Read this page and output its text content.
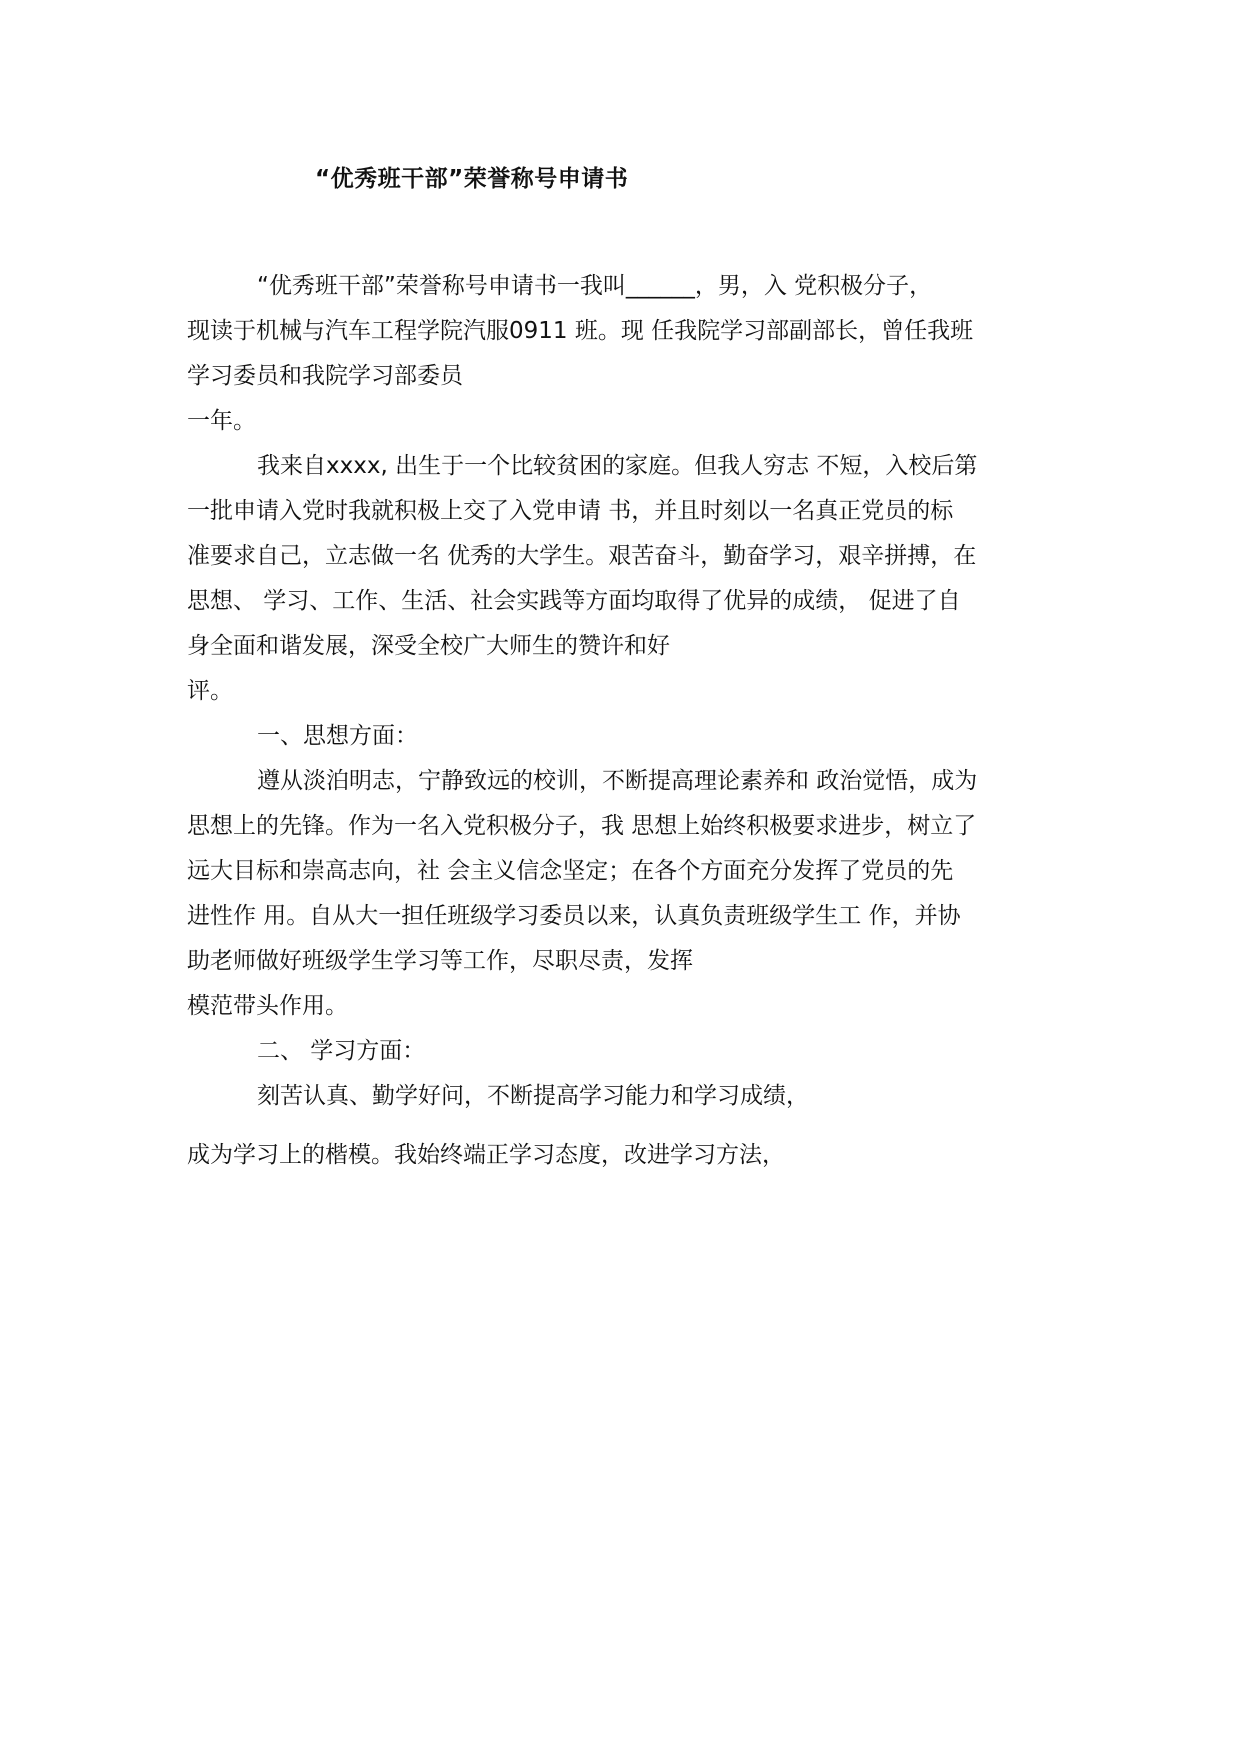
“优秀班干部”荣誉称号申请书
“优秀班干部”荣誉称号申请书一我叫______，男，入 党积极分子，
现读于机械与汽车工程学院汽服0911 班。现 任我院学习部副部长，曾任我班
学习委员和我院学习部委员
一年。
我来自xxxx, 出生于一个比较贫困的家庭。但我人穷志 不短，入校后第
一批申请入党时我就积极上交了入党申请 书，并且时刻以一名真正党员的标
准要求自己，立志做一名 优秀的大学生。艰苦奋斗，勤奋学习，艰辛拼搏，在
思想、 学习、工作、生活、社会实践等方面均取得了优异的成绩， 促进了自
身全面和谐发展，深受全校广大师生的赞许和好
评。
一、思想方面：
遵从淡泊明志，宁静致远的校训，不断提高理论素养和 政治觉悟，成为
思想上的先锋。作为一名入党积极分子，我 思想上始终积极要求进步，树立了
远大目标和崇高志向，社 会主义信念坚定；在各个方面充分发挥了党员的先
进性作 用。自从大一担任班级学习委员以来，认真负责班级学生工 作，并协
助老师做好班级学生学习等工作，尽职尽责，发挥
模范带头作用。
二、 学习方面：
刻苦认真、勤学好问，不断提高学习能力和学习成绩，
成为学习上的楷模。我始终端正学习态度，改进学习方法，
